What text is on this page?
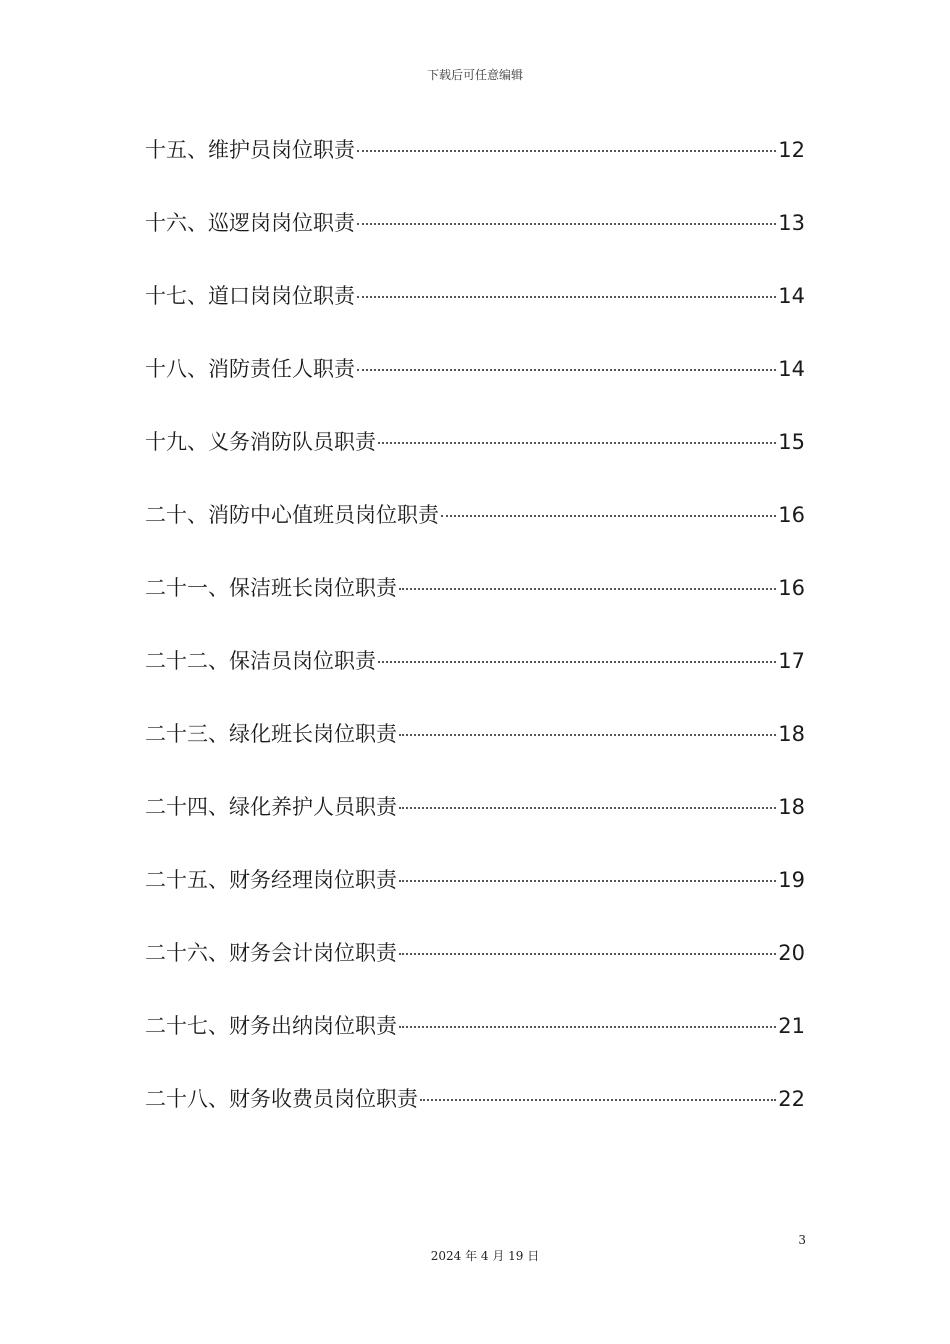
下载后可任意编辑
十五、维护员岗位职责	12
十六、巡逻岗岗位职责	13
十七、道口岗岗位职责	14
十八、消防责任人职责	14
十九、义务消防队员职责	15
二十、消防中心值班员岗位职责	16
二十一、保洁班长岗位职责	16
二十二、保洁员岗位职责	17
二十三、绿化班长岗位职责	18
二十四、绿化养护人员职责	18
二十五、财务经理岗位职责	19
二十六、财务会计岗位职责	20
二十七、财务出纳岗位职责	21
二十八、财务收费员岗位职责	22
3
2024 年 4 月 19 日
